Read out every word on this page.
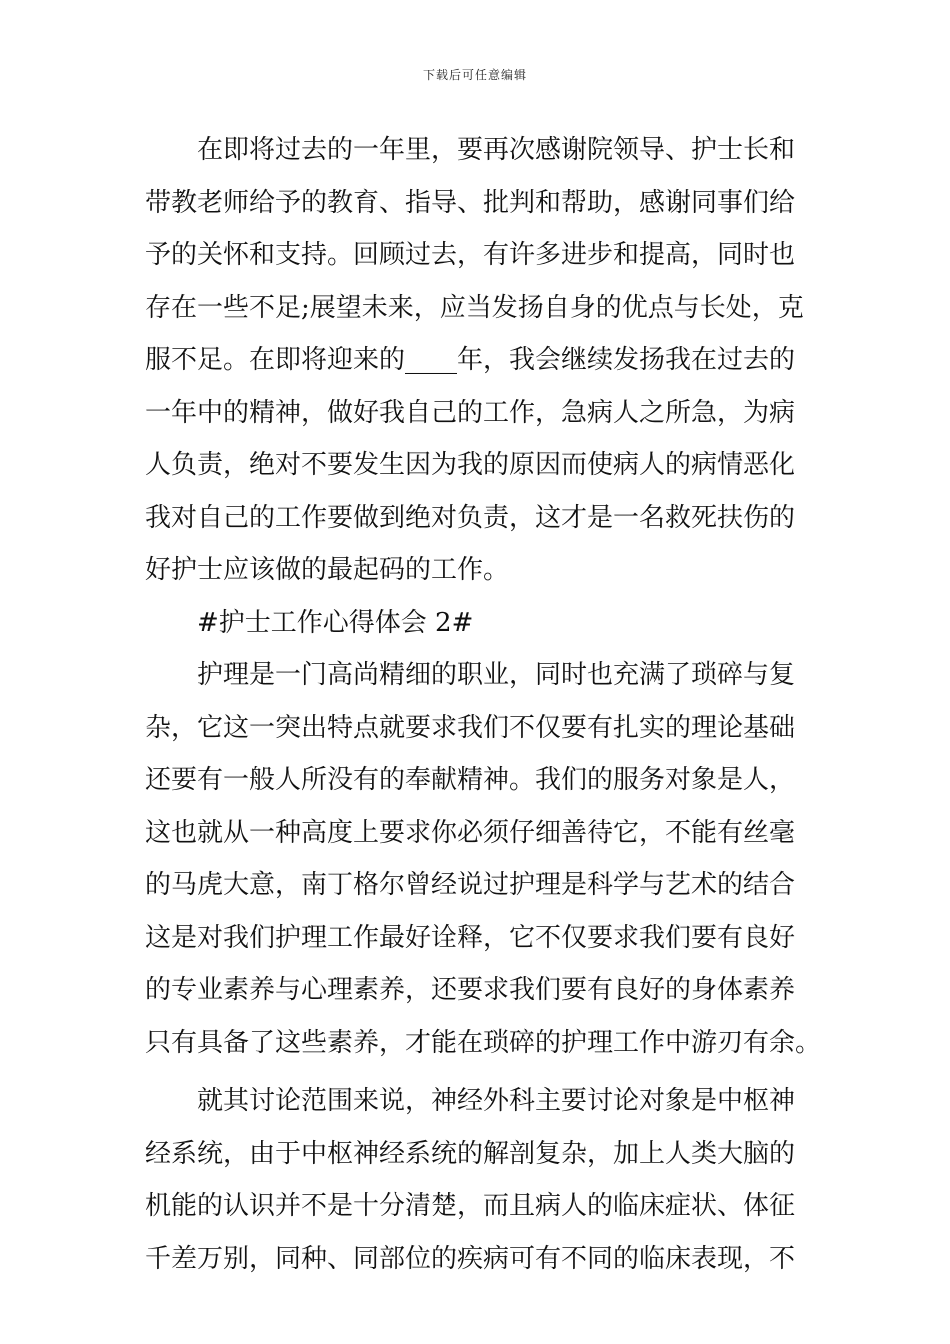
下载后可任意编辑
在即将过去的一年里，要再次感谢院领导、护士长和
带教老师给予的教育、指导、批判和帮助，感谢同事们给
予的关怀和支持。回顾过去，有许多进步和提高，同时也
存在一些不足;展望未来，应当发扬自身的优点与长处，克
服不足。在即将迎来的____年，我会继续发扬我在过去的
一年中的精神，做好我自己的工作，急病人之所急，为病
人负责，绝对不要发生因为我的原因而使病人的病情恶化
我对自己的工作要做到绝对负责，这才是一名救死扶伤的
好护士应该做的最起码的工作。
#护士工作心得体会 2#
护理是一门高尚精细的职业，同时也充满了琐碎与复
杂，它这一突出特点就要求我们不仅要有扎实的理论基础
还要有一般人所没有的奉献精神。我们的服务对象是人，
这也就从一种高度上要求你必须仔细善待它，不能有丝毫
的马虎大意，南丁格尔曾经说过护理是科学与艺术的结合
这是对我们护理工作最好诠释，它不仅要求我们要有良好
的专业素养与心理素养，还要求我们要有良好的身体素养
只有具备了这些素养，才能在琐碎的护理工作中游刃有余。
就其讨论范围来说，神经外科主要讨论对象是中枢神
经系统，由于中枢神经系统的解剖复杂，加上人类大脑的
机能的认识并不是十分清楚，而且病人的临床症状、体征
千差万别，同种、同部位的疾病可有不同的临床表现，不
